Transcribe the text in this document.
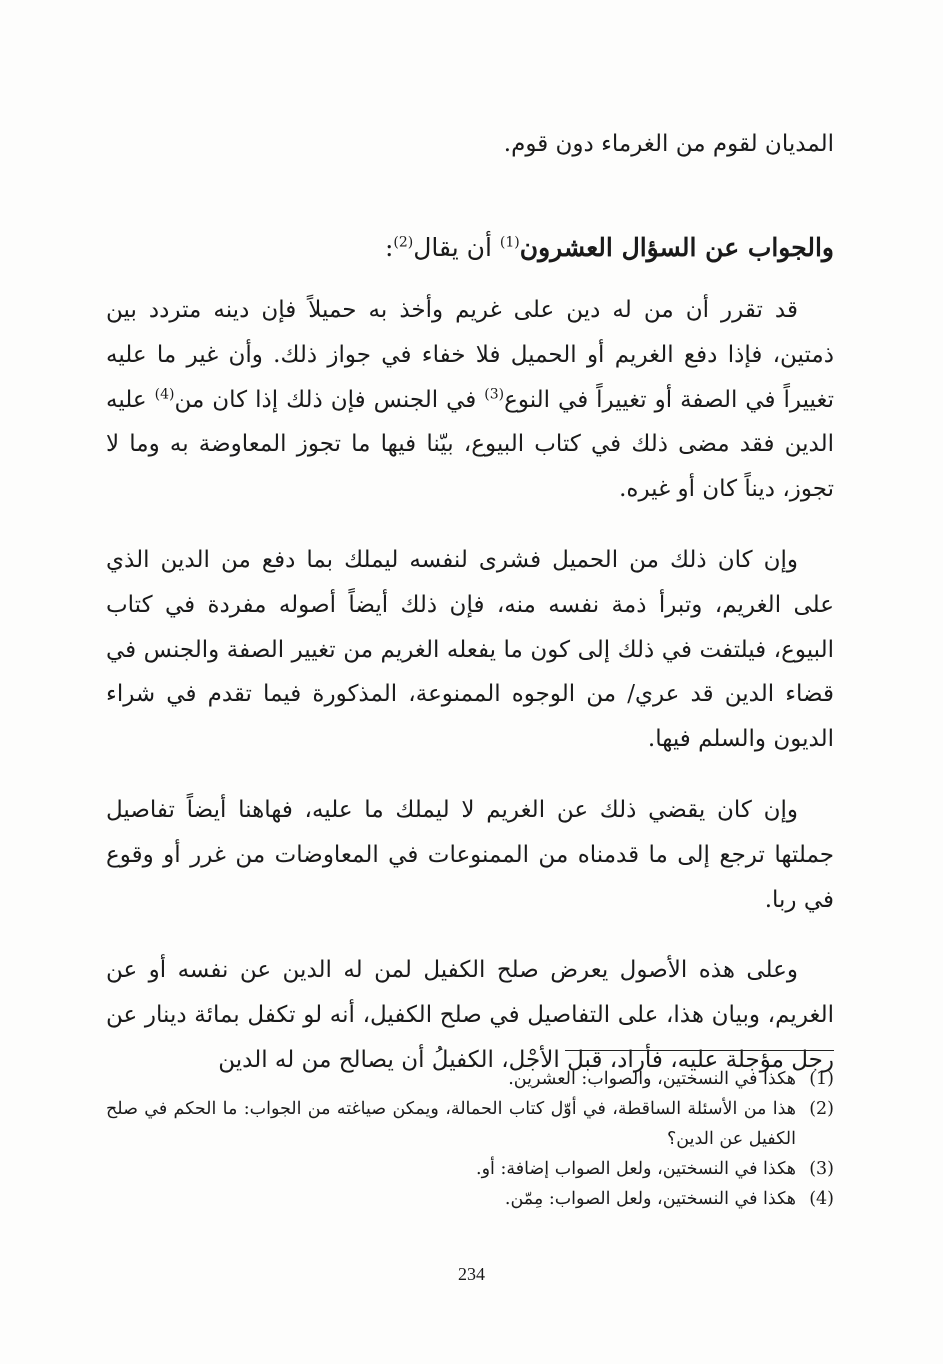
المديان لقوم من الغرماء دون قوم.
والجواب عن السؤال العشرون$^{(1)}$ أن يقال$^{(2)}$:

قد تقرر أن من له دين على غريم وأخذ به حميلاً فإن دينه متردد بين ذمتين، فإذا دفع الغريم أو الحميل فلا خفاء في جواز ذلك. وأن غير ما عليه تغييراً في الصفة أو تغييراً في النوع$^{(3)}$ في الجنس فإن ذلك إذا كان من$^{(4)}$ عليه الدين فقد مضى ذلك في كتاب البيوع، بيّنا فيها ما تجوز المعاوضة به وما لا تجوز، ديناً كان أو غيره.

وإن كان ذلك من الحميل فشرى لنفسه ليملك بما دفع من الدين الذي على الغريم، وتبرأ ذمة نفسه منه، فإن ذلك أيضاً أصوله مفردة في كتاب البيوع، فيلتفت في ذلك إلى كون ما يفعله الغريم من تغيير الصفة والجنس في قضاء الدين قد عري/ من الوجوه الممنوعة، المذكورة فيما تقدم في شراء الديون والسلم فيها.

وإن كان يقضي ذلك عن الغريم لا ليملك ما عليه، فهاهنا أيضاً تفاصيل جملتها ترجع إلى ما قدمناه من الممنوعات في المعاوضات من غرر أو وقوع في ربا.

وعلى هذه الأصول يعرض صلح الكفيل لمن له الدين عن نفسه أو عن الغريم، وبيان هذا، على التفاصيل في صلح الكفيل، أنه لو تكفل بمائة دينار عن رجل مؤجلة عليه، فأراد، قبل الأجْل، الكفيلُ أن يصالح من له الدين

(1)
هكذا في النسختين، والصواب: العشرين.
(2)
هذا من الأسئلة الساقطة، في أوّل كتاب الحمالة، ويمكن صياغته من الجواب: ما الحكم في صلح الكفيل عن الدين؟
(3)
هكذا في النسختين، ولعل الصواب إضافة: أو.
(4)
هكذا في النسختين، ولعل الصواب: مِمّن.
234
